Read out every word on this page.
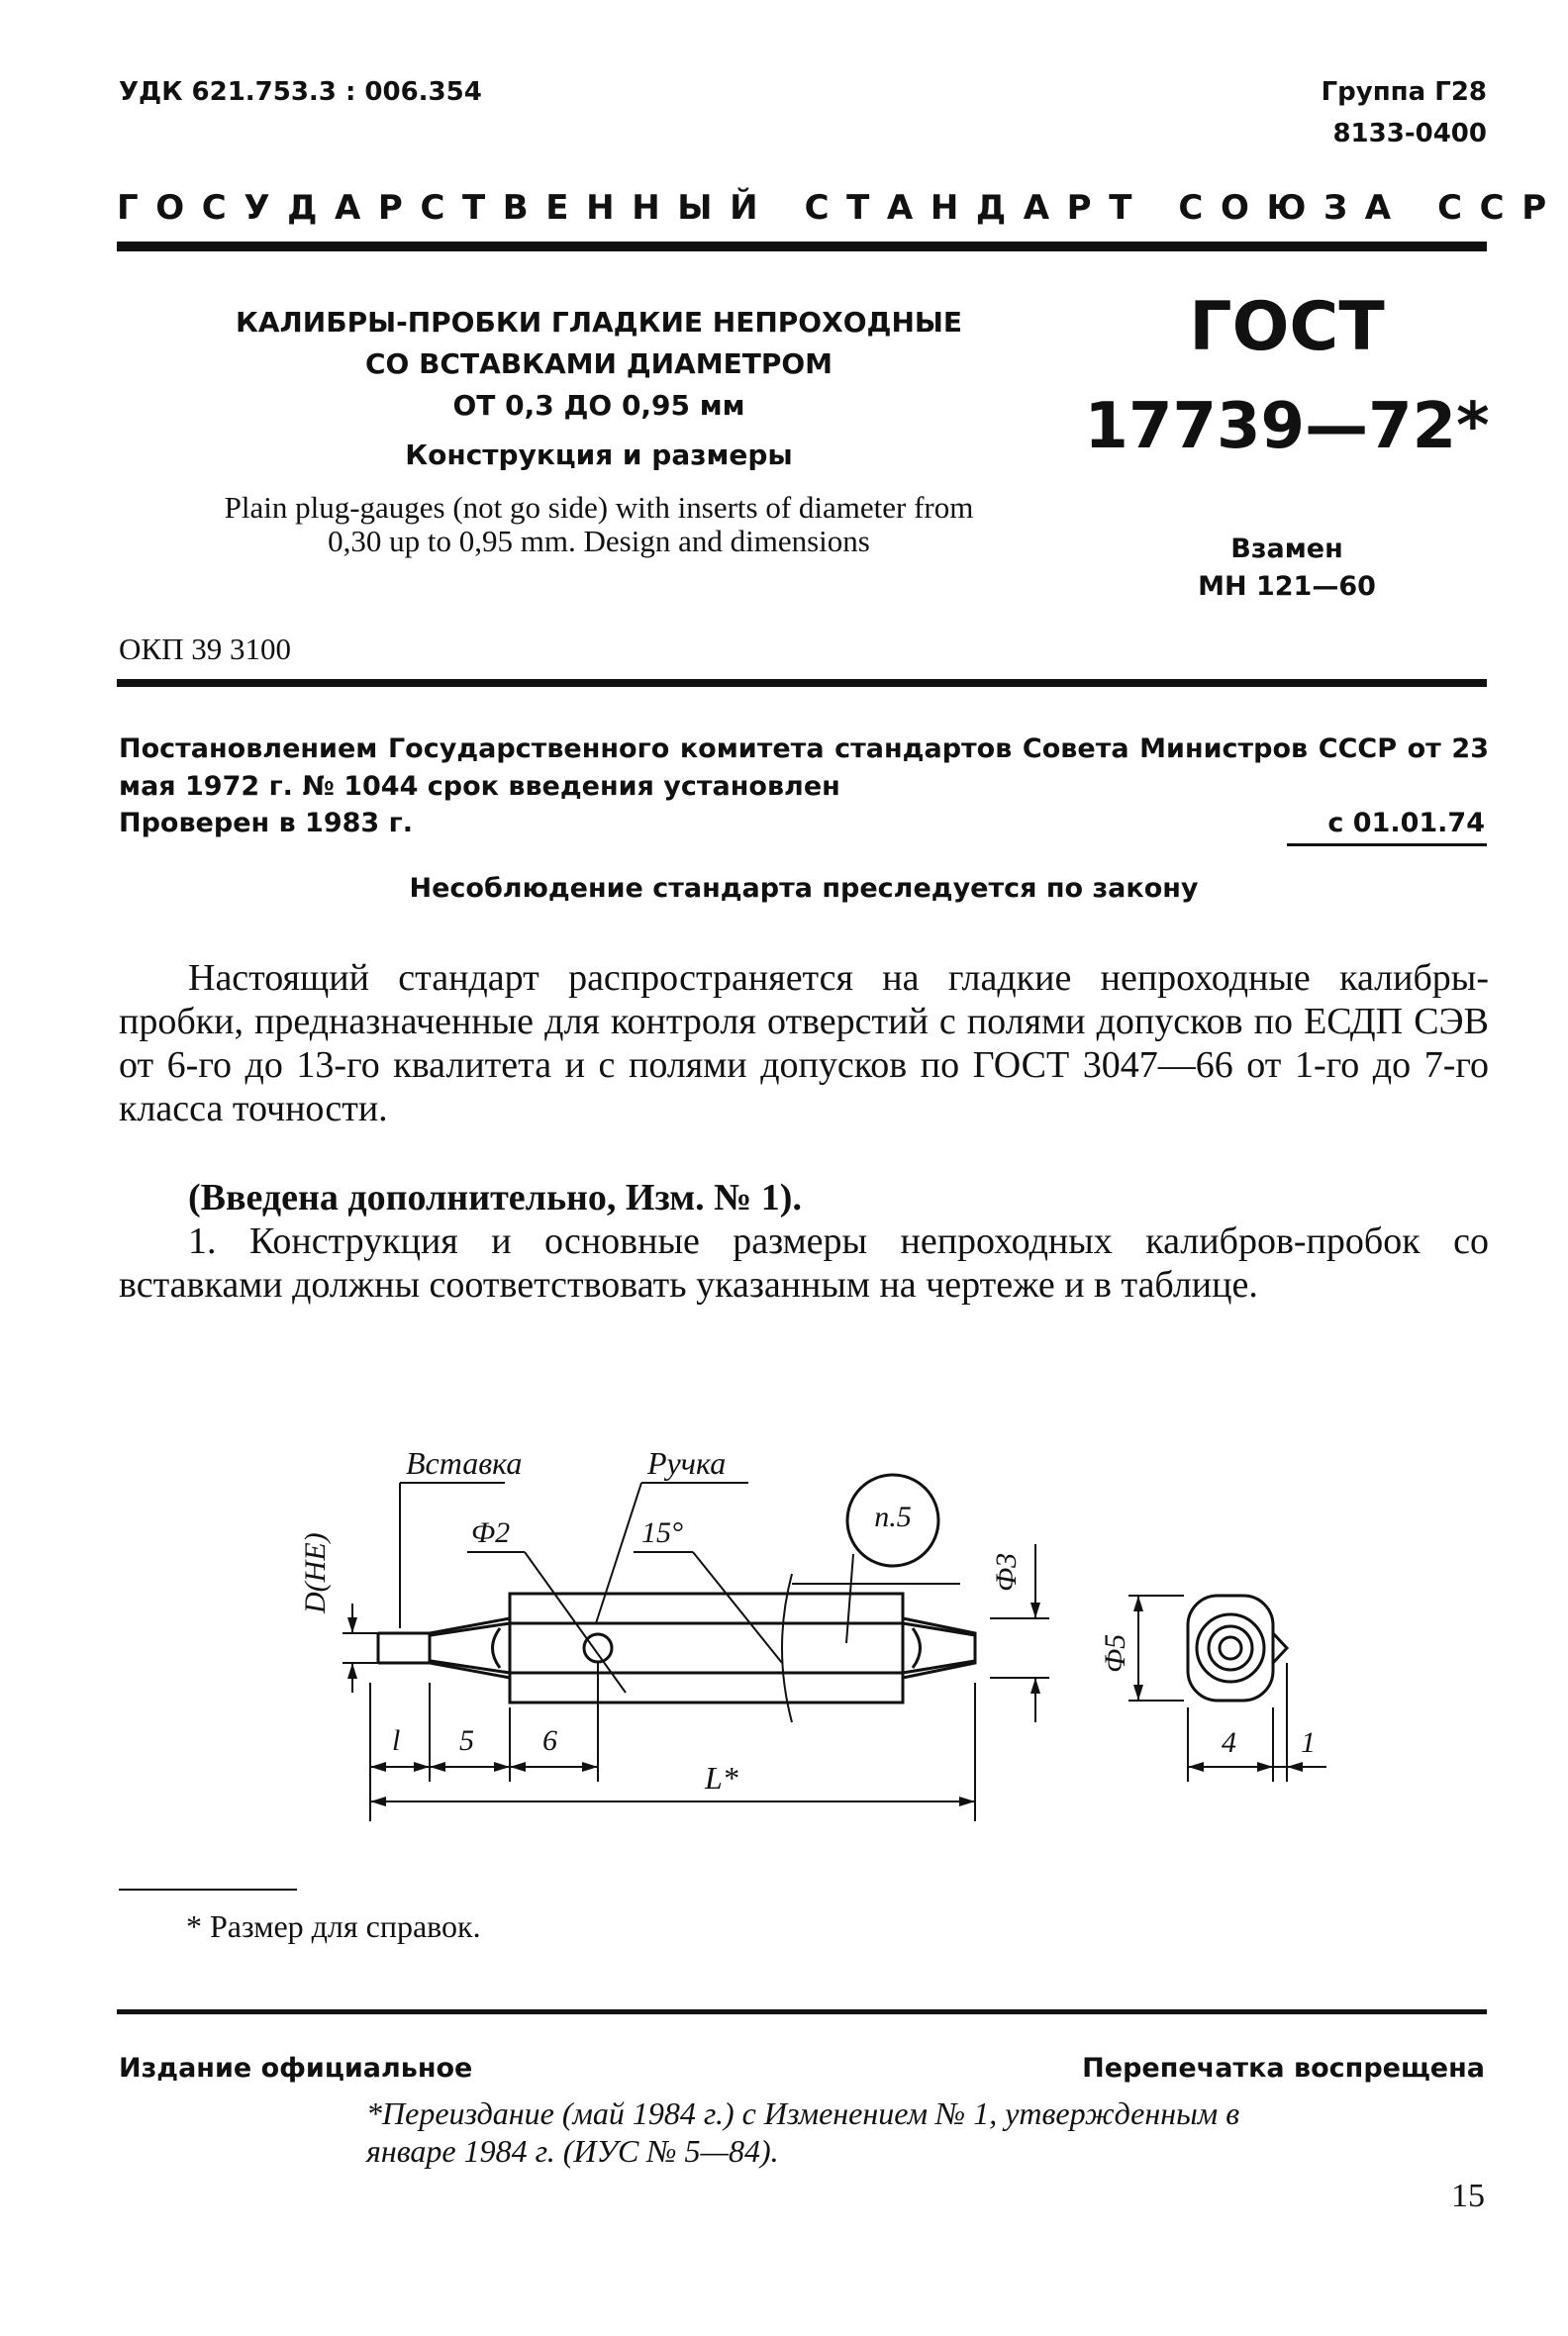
УДК 621.753.3 : 006.354	Группа Г28
8133-0400
ГОСУДАРСТВЕННЫЙ СТАНДАРТ СОЮЗА ССР
КАЛИБРЫ-ПРОБКИ ГЛАДКИЕ НЕПРОХОДНЫЕ
СО ВСТАВКАМИ ДИАМЕТРОМ
ОТ 0,3 ДО 0,95 мм
Конструкция и размеры
Plain plug-gauges (not go side) with inserts of diameter from 0,30 up to 0,95 mm. Design and dimensions
ГОСТ
17739—72*
Взамен
МН 121—60
ОКП 39 3100
Постановлением Государственного комитета стандартов Совета Министров СССР от 23 мая 1972 г. № 1044 срок введения установлен
Проверен в 1983 г.	с 01.01.74
Несоблюдение стандарта преследуется по закону
Настоящий стандарт распространяется на гладкие непроходные калибры-пробки, предназначенные для контроля отверстий с полями допусков по ЕСДП СЭВ от 6-го до 13-го квалитета и с полями допусков по ГОСТ 3047—66 от 1-го до 7-го класса точности.
(Введена дополнительно, Изм. № 1).
1. Конструкция и основные размеры непроходных калибров-пробок со вставками должны соответствовать указанным на чертеже и в таблице.
Вставка	Ручка
Ф2	15°	п.5
Ф3
D(НЕ)
l 5 6
L*
Ф5
4 1
* Размер для справок.
Издание официальное	Перепечатка воспрещена
*Переиздание (май 1984 г.) с Изменением № 1, утвержденным в январе 1984 г. (ИУС № 5—84).
15
